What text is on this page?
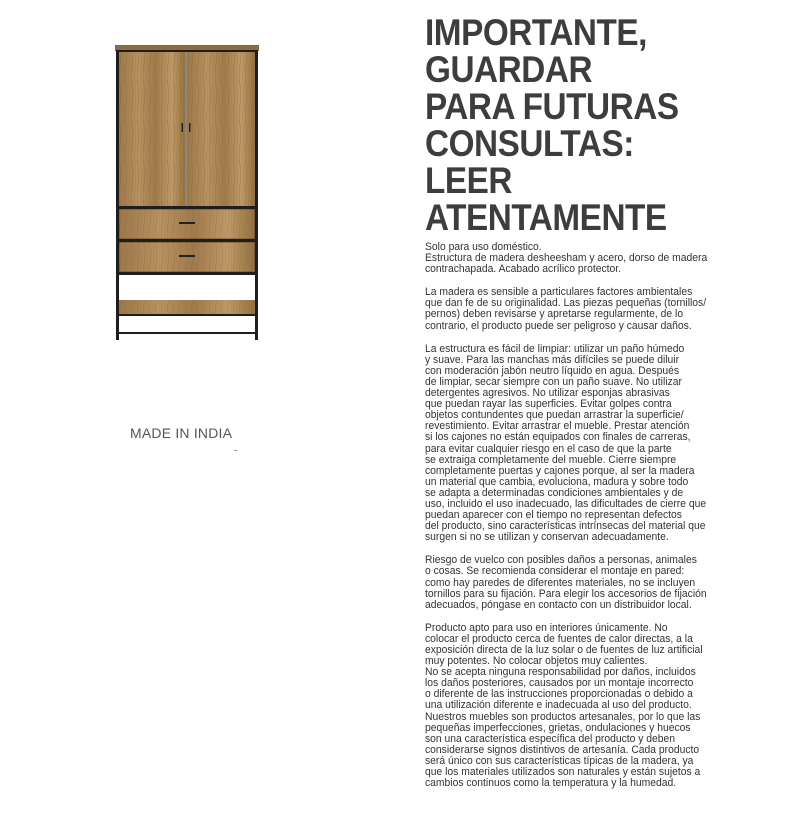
MADE IN INDIA
IMPORTANTE,
GUARDAR
PARA FUTURAS
CONSULTAS:
LEER
ATENTAMENTE

Solo para uso doméstico.
Estructura de madera desheesham y acero, dorso de madera
contrachapada. Acabado acrílico protector.

La madera es sensible a particulares factores ambientales
que dan fe de su originalidad. Las piezas pequeñas (tornillos/
pernos) deben revisarse y apretarse regularmente, de lo
contrario, el producto puede ser peligroso y causar daños.

La estructura es fácil de limpiar: utilizar un paño húmedo
y suave. Para las manchas más difíciles se puede diluir
con moderación jabón neutro líquido en agua. Después
de limpiar, secar siempre con un paño suave. No utilizar
detergentes agresivos. No utilizar esponjas abrasivas
que puedan rayar las superficies. Evitar golpes contra
objetos contundentes que puedan arrastrar la superficie/
revestimiento. Evitar arrastrar el mueble. Prestar atención
si los cajones no están equipados con finales de carreras,
para evitar cualquier riesgo en el caso de que la parte
se extraiga completamente del mueble. Cierre siempre
completamente puertas y cajones porque, al ser la madera
un material que cambia, evoluciona, madura y sobre todo
se adapta a determinadas condiciones ambientales y de
uso, incluido el uso inadecuado, las dificultades de cierre que
puedan aparecer con el tiempo no representan defectos
del producto, sino características intrínsecas del material que
surgen si no se utilizan y conservan adecuadamente.

Riesgo de vuelco con posibles daños a personas, animales
o cosas. Se recomienda considerar el montaje en pared:
como hay paredes de diferentes materiales, no se incluyen
tornillos para su fijación. Para elegir los accesorios de fijación
adecuados, póngase en contacto con un distribuidor local.

Producto apto para uso en interiores únicamente. No
colocar el producto cerca de fuentes de calor directas, a la
exposición directa de la luz solar o de fuentes de luz artificial
muy potentes. No colocar objetos muy calientes.
No se acepta ninguna responsabilidad por daños, incluidos
los daños posteriores, causados por un montaje incorrecto
o diferente de las instrucciones proporcionadas o debido a
una utilización diferente e inadecuada al uso del producto.
Nuestros muebles son productos artesanales, por lo que las
pequeñas imperfecciones, grietas, ondulaciones y huecos
son una característica específica del producto y deben
considerarse signos distintivos de artesanía. Cada producto
será único con sus características típicas de la madera, ya
que los materiales utilizados son naturales y están sujetos a
cambios continuos como la temperatura y la humedad.
